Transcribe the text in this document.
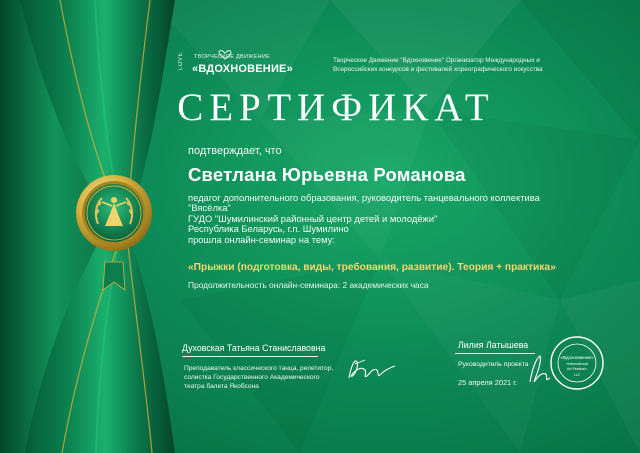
LOVE ТВОРЧЕСКОЕ ДВИЖЕНИЕ
«ВДОХНОВЕНИЕ»
Творческое Движение "Вдохновение" Организатор Международных и Всероссийских конкурсов и фестивалей хореографического искусства
СЕРТИФИКАТ
подтверждает, что
Светлана Юрьевна Романова
педагог дополнительного образования, руководитель танцевального коллектива
"Вясёлка"
ГУДО "Шумилинский районный центр детей и молодёжи"
Республика Беларусь, г.п. Шумилино
прошла онлайн-семинар на тему:
«Прыжки (подготовка, виды, требования, развитие). Теория + практика»
Продолжительность онлайн-семинара: 2 академических часа
Духовская Татьяна Станиславовна
Преподаватель классического танца, репетитор,
солистка Государственного Академического
театра балета Якобсона
Лилия Латышева
Руководитель проекта
25 апреля 2021 г.
«Вдохновение»
«International
Art Festival»
LLC
